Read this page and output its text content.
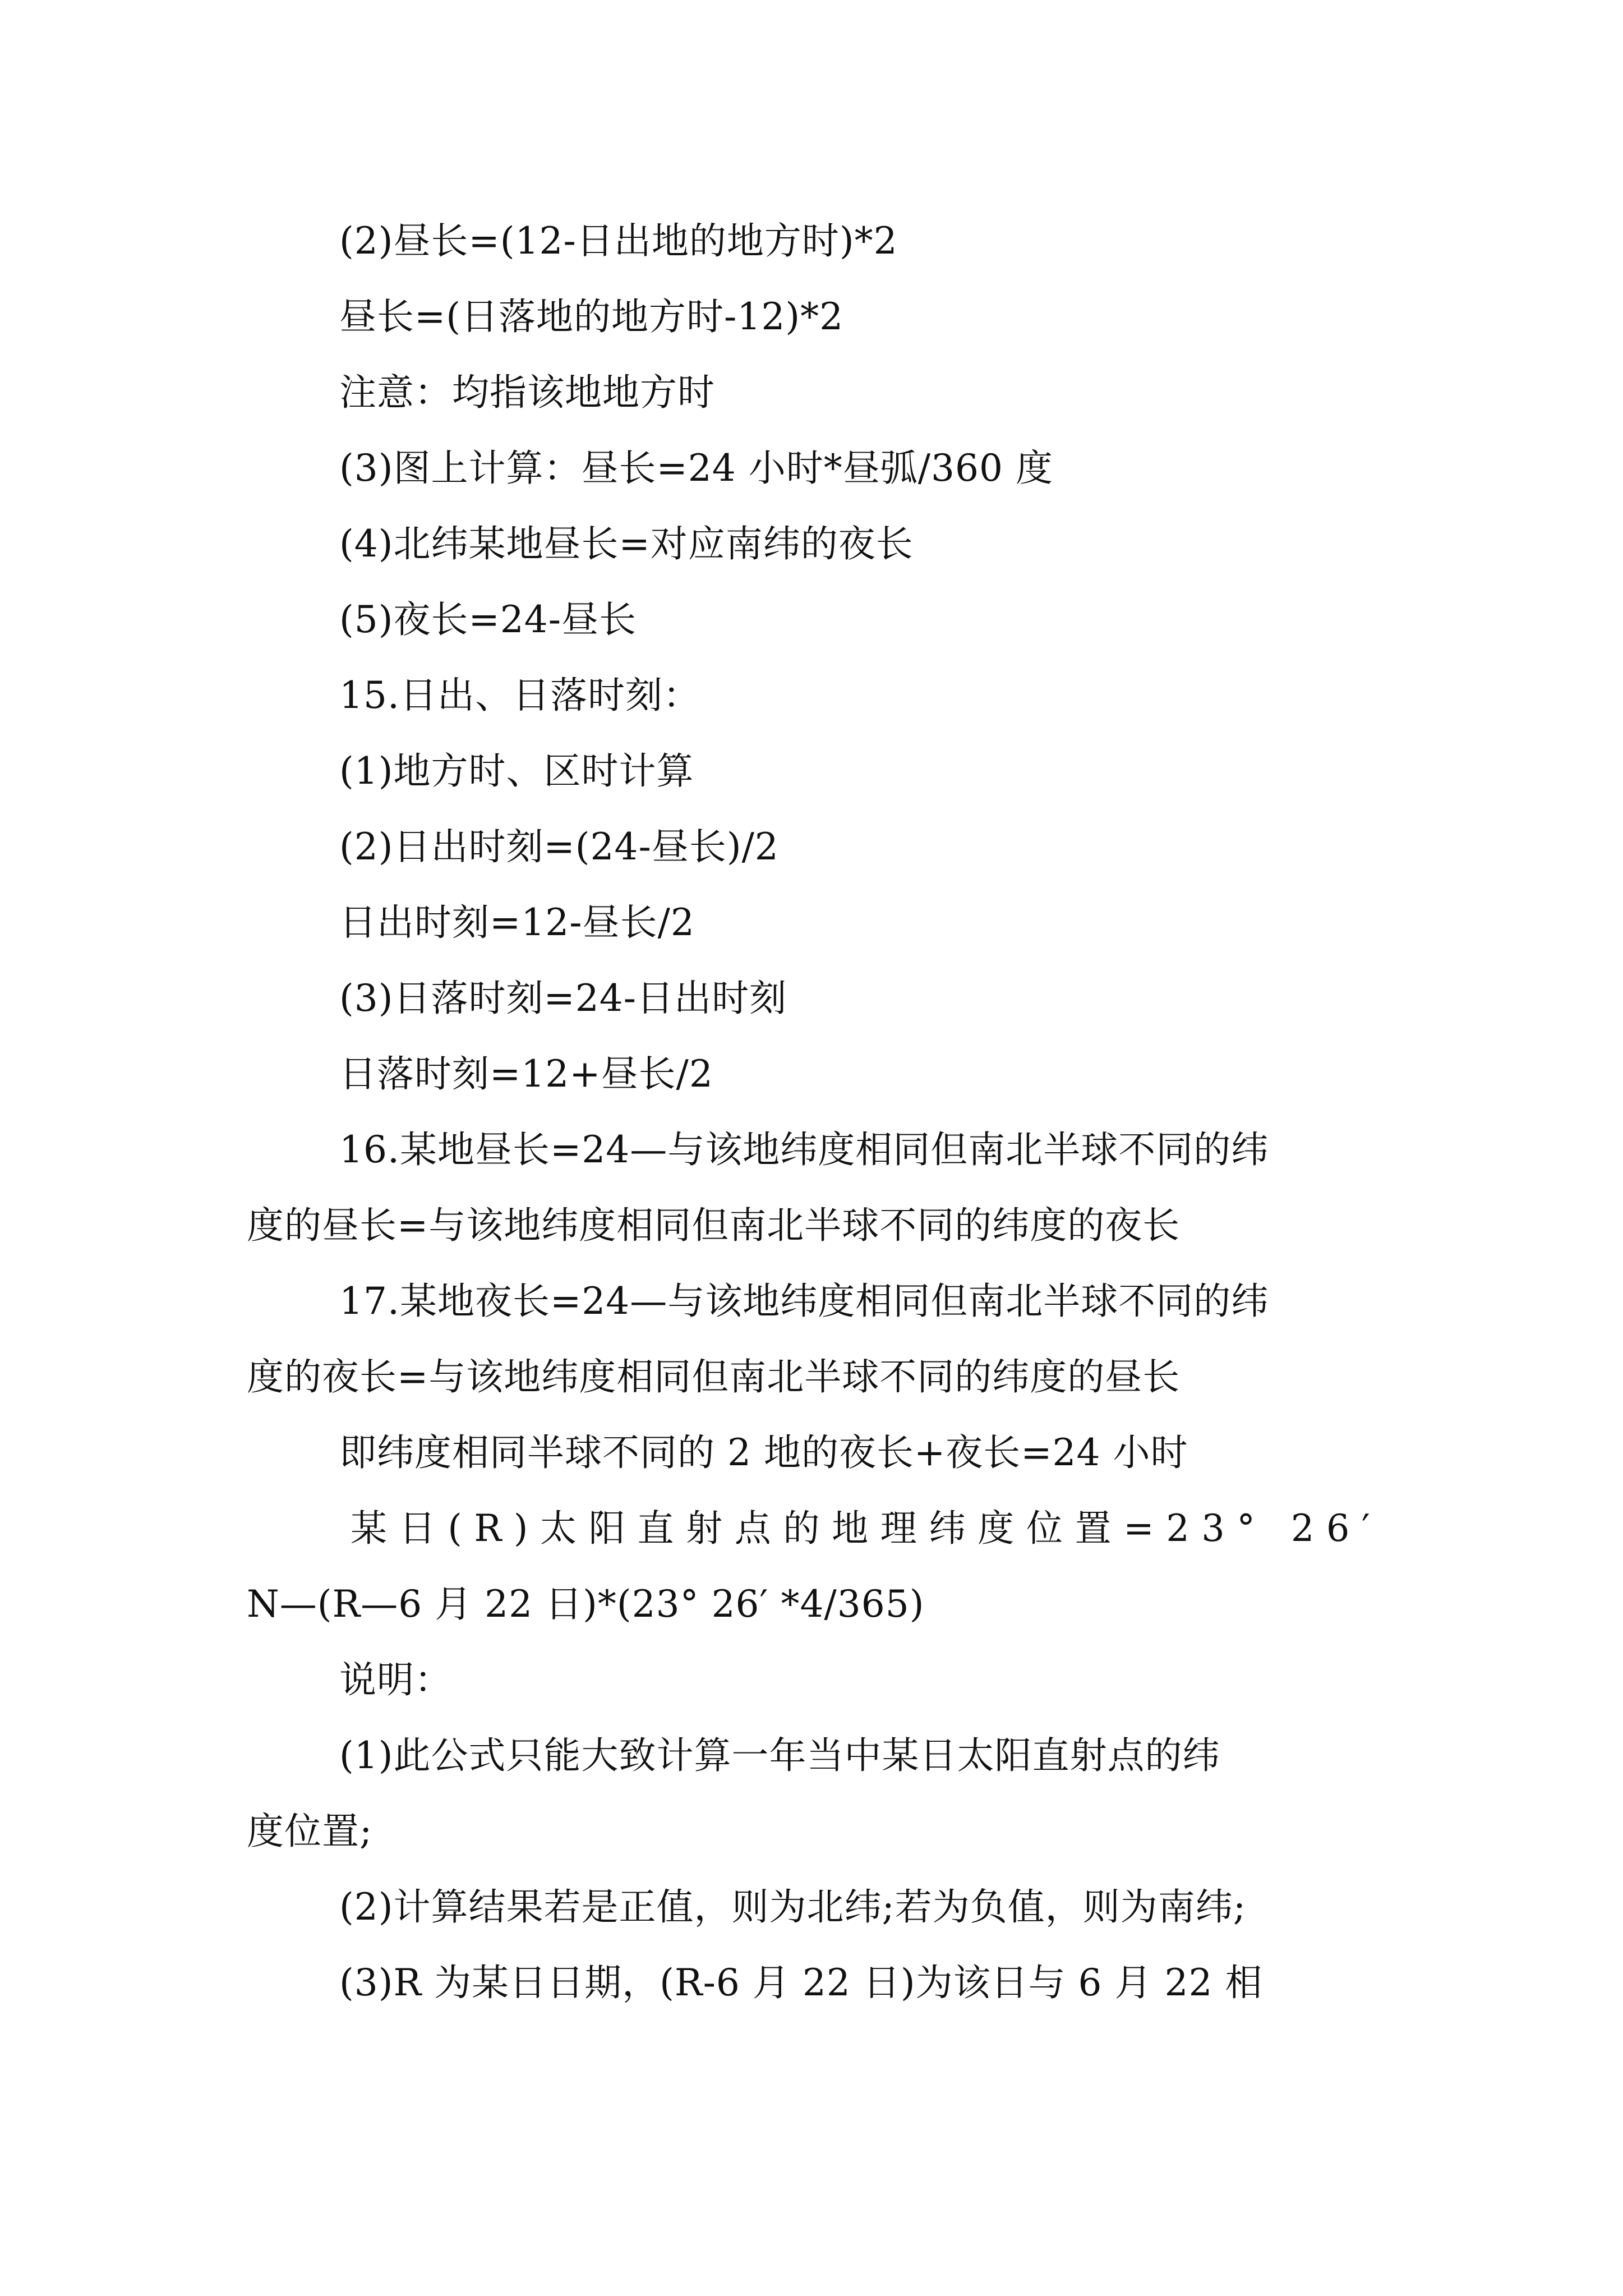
(2)昼长=(12-日出地的地方时)*2
昼长=(日落地的地方时-12)*2
注意：均指该地地方时
(3)图上计算：昼长=24 小时*昼弧/360 度
(4)北纬某地昼长=对应南纬的夜长
(5)夜长=24-昼长
15.日出、日落时刻：
(1)地方时、区时计算
(2)日出时刻=(24-昼长)/2
日出时刻=12-昼长/2
(3)日落时刻=24-日出时刻
日落时刻=12+昼长/2
16.某地昼长=24—与该地纬度相同但南北半球不同的纬
度的昼长=与该地纬度相同但南北半球不同的纬度的夜长
17.某地夜长=24—与该地纬度相同但南北半球不同的纬
度的夜长=与该地纬度相同但南北半球不同的纬度的昼长
即纬度相同半球不同的 2 地的夜长+夜长=24 小时
某日(R)太阳直射点的地理纬度位置=23° 26′
N—(R—6 月 22 日)*(23° 26′ *4/365)
说明：
(1)此公式只能大致计算一年当中某日太阳直射点的纬
度位置;
(2)计算结果若是正值，则为北纬;若为负值，则为南纬;
(3)R 为某日日期，(R-6 月 22 日)为该日与 6 月 22 相
